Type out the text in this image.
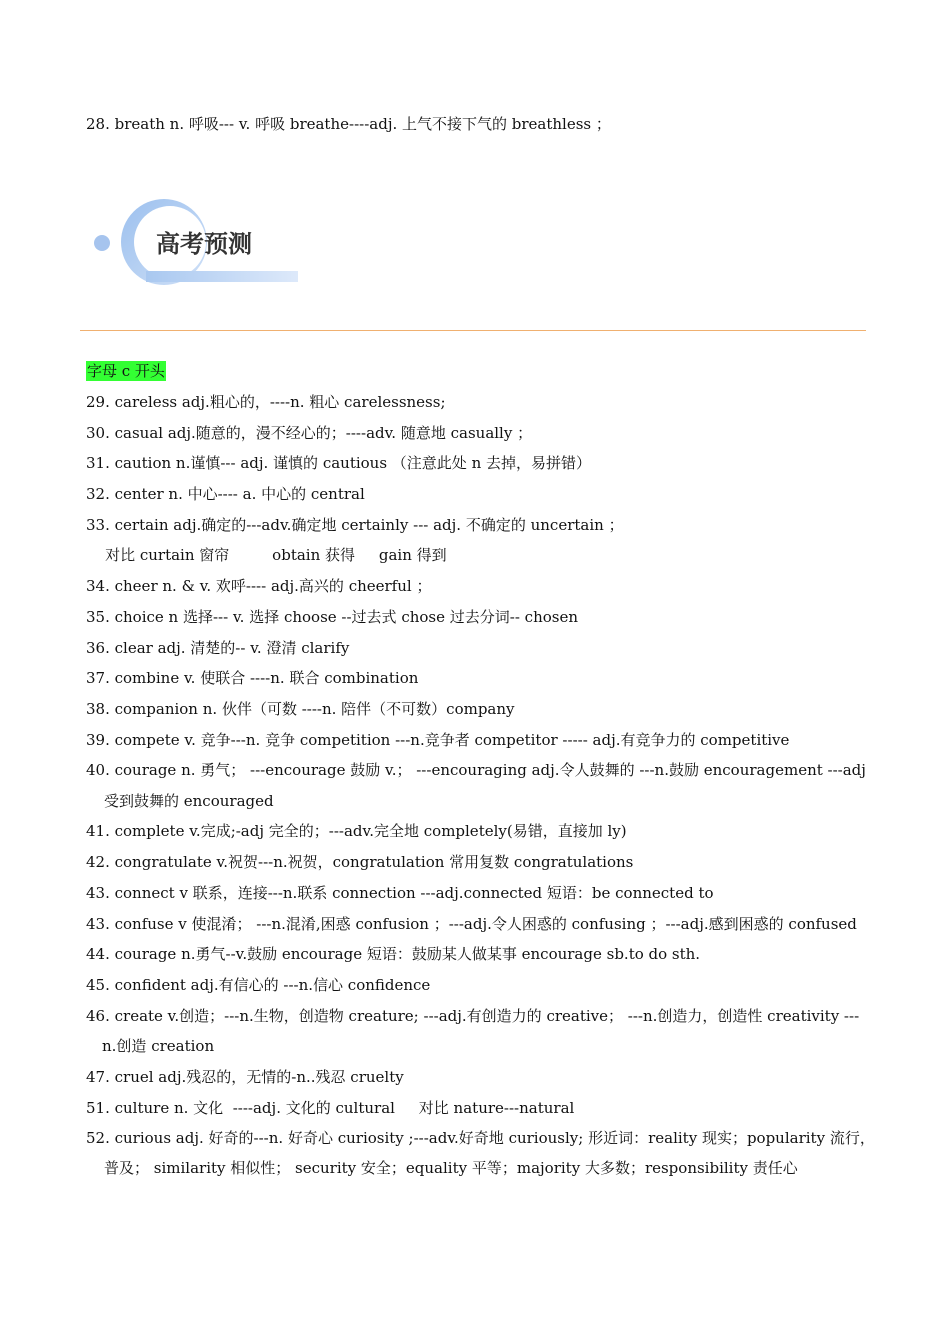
28. breath n. 呼吸--- v. 呼吸 breathe----adj. 上气不接下气的 breathless ；
高考预测
字母 c 开头
29. careless adj.粗心的，----n. 粗心 carelessness;
30. casual adj.随意的，漫不经心的；----adv. 随意地 casually ；
31. caution n.谨慎--- adj. 谨慎的 cautious （注意此处 n 去掉，易拼错）
32. center n. 中心---- a. 中心的 central
33. certain adj.确定的---adv.确定地 certainly --- adj. 不确定的 uncertain ；
对比 curtain 窗帘         obtain 获得     gain 得到
34. cheer n. & v. 欢呼---- adj.高兴的 cheerful ；
35. choice n 选择--- v. 选择 choose --过去式 chose 过去分词-- chosen
36. clear adj. 清楚的-- v. 澄清 clarify
37. combine v. 使联合 ----n. 联合 combination
38. companion n. 伙伴（可数 ----n. 陪伴（不可数）company
39. compete v. 竞争---n. 竞争 competition ---n.竞争者 competitor ----- adj.有竞争力的 competitive
40. courage n. 勇气； ---encourage 鼓励 v.； ---encouraging adj.令人鼓舞的 ---n.鼓励 encouragement ---adj
受到鼓舞的 encouraged
41. complete v.完成;-adj 完全的；---adv.完全地 completely(易错，直接加 ly)
42. congratulate v.祝贺---n.祝贺，congratulation 常用复数 congratulations
43. connect v 联系，连接---n.联系 connection ---adj.connected 短语：be connected to
43. confuse v 使混淆； ---n.混淆,困惑 confusion ；---adj.令人困惑的 confusing ；---adj.感到困惑的 confused
44. courage n.勇气--v.鼓励 encourage 短语：鼓励某人做某事 encourage sb.to do sth.
45. confident adj.有信心的 ---n.信心 confidence
46. create v.创造；---n.生物，创造物 creature; ---adj.有创造力的 creative； ---n.创造力，创造性 creativity ---
n.创造 creation
47. cruel adj.残忍的，无情的-n..残忍 cruelty
51. culture n. 文化  ----adj. 文化的 cultural     对比 nature---natural
52. curious adj. 好奇的---n. 好奇心 curiosity ;---adv.好奇地 curiously; 形近词：reality 现实；popularity 流行，
普及； similarity 相似性； security 安全；equality 平等；majority 大多数；responsibility 责任心
